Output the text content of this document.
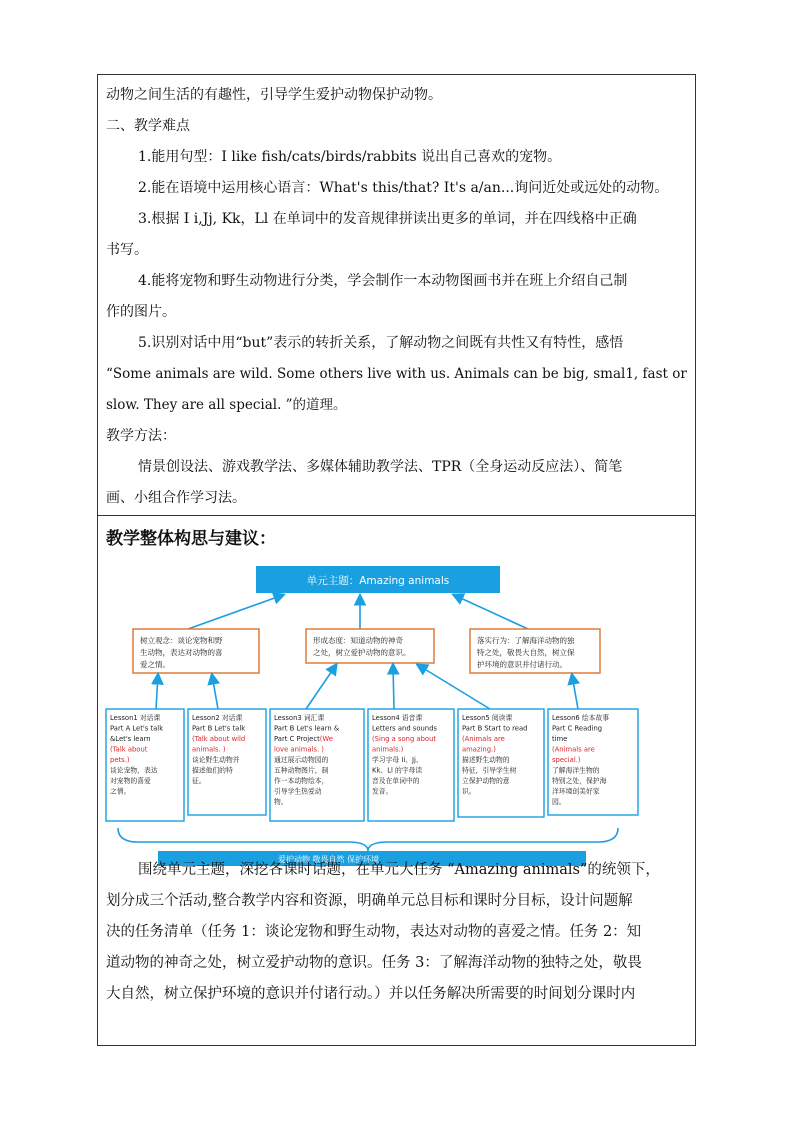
动物之间生活的有趣性，引导学生爱护动物保护动物。
二、教学难点
1.能用句型：I like fish/cats/birds/rabbits 说出自己喜欢的宠物。
2.能在语境中运用核心语言：What's this/that? It's a/an...询问近处或远处的动物。
3.根据 I i,Jj, Kk，Ll 在单词中的发音规律拼读出更多的单词，并在四线格中正确
书写。
4.能将宠物和野生动物进行分类，学会制作一本动物图画书并在班上介绍自己制
作的图片。
5.识别对话中用“but”表示的转折关系，了解动物之间既有共性又有特性，感悟
“Some animals are wild. Some others live with us. Animals can be big, smal1, fast or
slow. They are all special. ”的道理。
教学方法：
情景创设法、游戏教学法、多媒体辅助教学法、TPR（全身运动反应法）、简笔
画、小组合作学习法。
教学整体构思与建议：
单元主题：Amazing animals
树立观念：谈论宠物和野
生动物，表达对动物的喜
爱之情。
形成态度：知道动物的神奇
之处，树立爱护动物的意识。
落实行为：了解海洋动物的独
特之处，敬畏大自然，树立保
护环境的意识并付诸行动。
Lesson1 对话课
Part A Let's talk
&Let's learn
(Talk about
pets.)
谈论宠物，表达
对宠物的喜爱
之情。
Lesson2 对话课
Part B Let's talk
(Talk about wild
animals. )
谈论野生动物并
描述他们的特
征。
Lesson3 词汇课
Part B Let's learn &
Part C Project(We
love animals. )
通过展示动物园的
五种动物图片，制
作一本动物绘本，
引导学生热爱动
物。
Lesson4 语音课
Letters and sounds
(Sing a song about
animals.)
学习字母 Ii、Jj、
Kk、Ll 的字母读
音及在单词中的
发音。
Lesson5 阅读课
Part B Start to read
(Animals are
amazing.)
描述野生动物的
特征，引导学生树
立保护动物的意
识。
Lesson6 绘本故事
Part C Reading
time
(Animals are
special.)
了解海洋生物的
特别之处，保护海
洋环境创美好家
园。
爱护动物 敬畏自然 保护环境
围绕单元主题，深挖各课时话题，在单元大任务 “Amazing animals”的统领下，
划分成三个活动,整合教学内容和资源，明确单元总目标和课时分目标，设计问题解
决的任务清单（任务 1：谈论宠物和野生动物，表达对动物的喜爱之情。任务 2：知
道动物的神奇之处，树立爱护动物的意识。任务 3：了解海洋动物的独特之处，敬畏
大自然，树立保护环境的意识并付诸行动。）并以任务解决所需要的时间划分课时内
